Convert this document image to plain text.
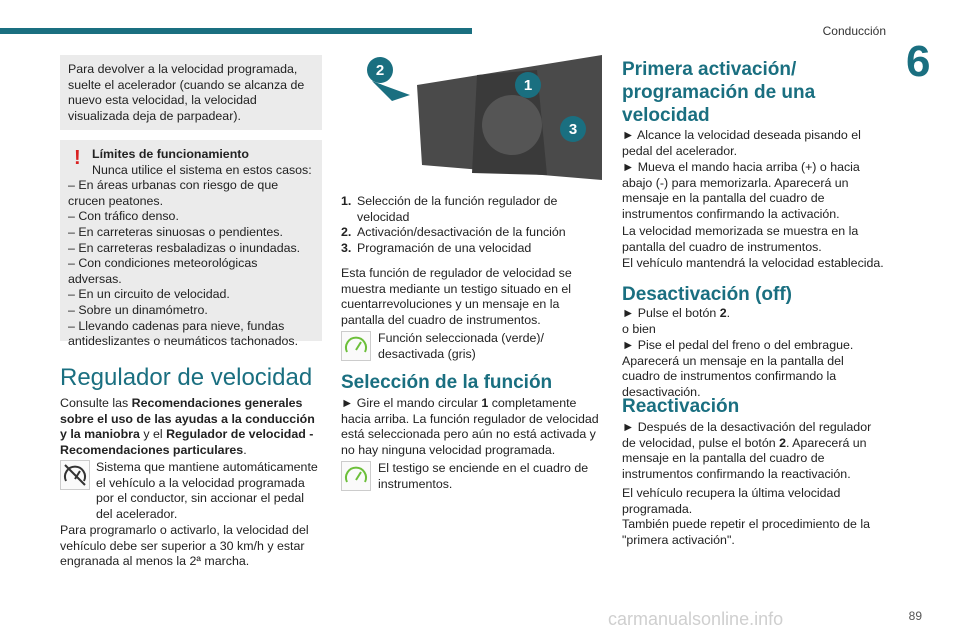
Conducción
6

Para devolver a la velocidad programada, suelte el acelerador (cuando se alcanza de nuevo esta velocidad, la velocidad visualizada deja de parpadear).

! Límites de funcionamiento
Nunca utilice el sistema en estos casos:
– En áreas urbanas con riesgo de que crucen peatones.
– Con tráfico denso.
– En carreteras sinuosas o pendientes.
– En carreteras resbaladizas o inundadas.
– Con condiciones meteorológicas adversas.
– En un circuito de velocidad.
– Sobre un dinamómetro.
– Llevando cadenas para nieve, fundas antideslizantes o neumáticos tachonados.
Regulador de velocidad
Consulte las Recomendaciones generales sobre el uso de las ayudas a la conducción y la maniobra y el Regulador de velocidad - Recomendaciones particulares.
Sistema que mantiene automáticamente el vehículo a la velocidad programada por el conductor, sin accionar el pedal del acelerador.
Para programarlo o activarlo, la velocidad del vehículo debe ser superior a 30 km/h y estar engranada al menos la 2ª marcha.
2
1
3
1. Selección de la función regulador de velocidad
2. Activación/desactivación de la función
3. Programación de una velocidad
Esta función de regulador de velocidad se muestra mediante un testigo situado en el cuentarrevoluciones y un mensaje en la pantalla del cuadro de instrumentos.
Función seleccionada (verde)/ desactivada (gris)
Selección de la función
► Gire el mando circular 1 completamente hacia arriba. La función regulador de velocidad está seleccionada pero aún no está activada y no hay ninguna velocidad programada.
El testigo se enciende en el cuadro de instrumentos.
Primera activación/ programación de una velocidad
► Alcance la velocidad deseada pisando el pedal del acelerador.
► Mueva el mando hacia arriba (+) o hacia abajo (-) para memorizarla. Aparecerá un mensaje en la pantalla del cuadro de instrumentos confirmando la activación.
La velocidad memorizada se muestra en la pantalla del cuadro de instrumentos.
El vehículo mantendrá la velocidad establecida.
Desactivación (off)
► Pulse el botón 2.
o bien
► Pise el pedal del freno o del embrague. Aparecerá un mensaje en la pantalla del cuadro de instrumentos confirmando la desactivación.
Reactivación
► Después de la desactivación del regulador de velocidad, pulse el botón 2. Aparecerá un mensaje en la pantalla del cuadro de instrumentos confirmando la reactivación.
El vehículo recupera la última velocidad programada.
También puede repetir el procedimiento de la "primera activación".
carmanualsonline.info	89
